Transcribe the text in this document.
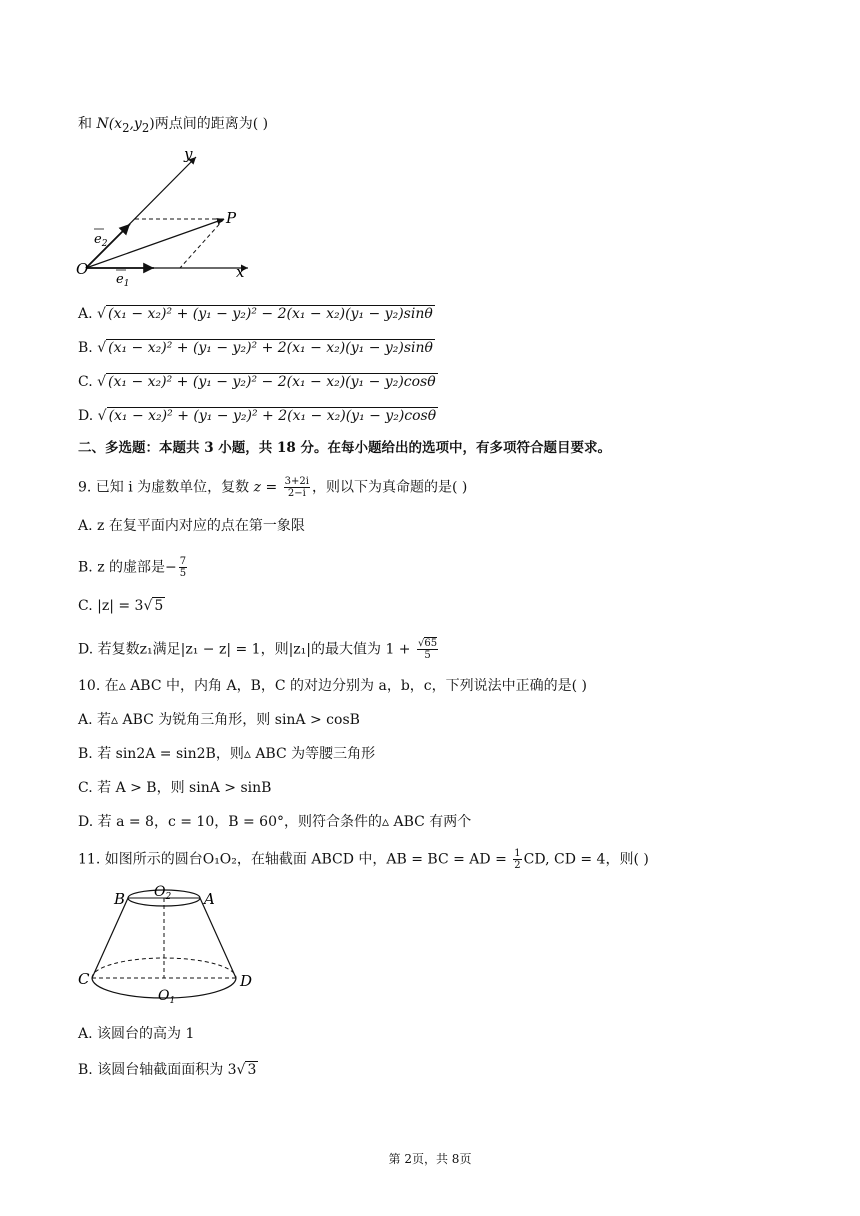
和 $N(x_2,y_2)$两点间的距离为( )
y
P
$e_2$
O
$e_1$
x
A. √ (x₁ − x₂)² + (y₁ − y₂)² − 2(x₁ − x₂)(y₁ − y₂)sinθ
B. √ (x₁ − x₂)² + (y₁ − y₂)² + 2(x₁ − x₂)(y₁ − y₂)sinθ
C. √ (x₁ − x₂)² + (y₁ − y₂)² − 2(x₁ − x₂)(y₁ − y₂)cosθ
D. √ (x₁ − x₂)² + (y₁ − y₂)² + 2(x₁ − x₂)(y₁ − y₂)cosθ
二、多选题：本题共 3 小题，共 18 分。在每小题给出的选项中，有多项符合题目要求。
9. 已知 i 为虚数单位，复数 $z = \frac{3+2i}{2-i}$ ，则以下为真命题的是( )
A. z 在复平面内对应的点在第一象限
B. z 的虚部是− $\frac{7}{5}$
C. |z| = 3√ 5
D. 若复数z₁满足|z₁ − z| = 1，则|z₁|的最大值为 $1 + \frac{√65}{5}$
10. 在▵ ABC 中，内角 A，B，C 的对边分别为 a，b，c，下列说法中正确的是( )
A. 若▵ ABC 为锐角三角形，则 sinA > cosB
B. 若 sin2A = sin2B，则▵ ABC 为等腰三角形
C. 若 A > B，则 sinA > sinB
D. 若 a = 8，c = 10，B = 60°，则符合条件的▵ ABC 有两个
11. 如图所示的圆台O₁O₂，在轴截面 ABCD 中，AB = BC = AD = $\frac{1}{2}$ CD, CD = 4，则( )
B $O_2$ A
C
$O_1$
D
A. 该圆台的高为 1
B. 该圆台轴截面面积为 3√ 3
第 2页，共 8页
